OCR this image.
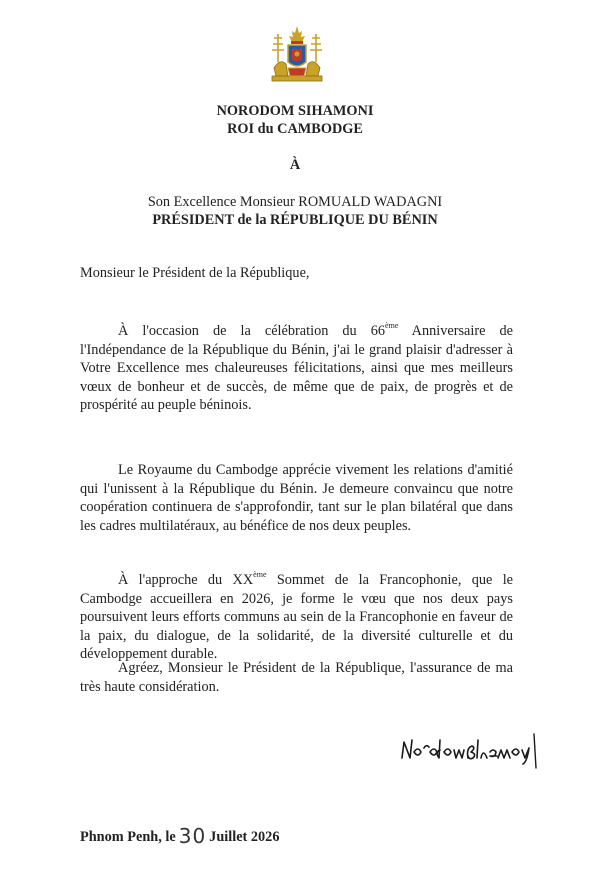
NORODOM SIHAMONI
ROI du CAMBODGE
À
Son Excellence Monsieur ROMUALD WADAGNI
PRÉSIDENT de la RÉPUBLIQUE DU BÉNIN
Monsieur le Président de la République,

À l'occasion de la célébration du 66ème Anniversaire de l'Indépendance de la République du Bénin, j'ai le grand plaisir d'adresser à Votre Excellence mes chaleureuses félicitations, ainsi que mes meilleurs vœux de bonheur et de succès, de même que de paix, de progrès et de prospérité au peuple béninois.

Le Royaume du Cambodge apprécie vivement les relations d'amitié qui l'unissent à la République du Bénin. Je demeure convaincu que notre coopération continuera de s'approfondir, tant sur le plan bilatéral que dans les cadres multilatéraux, au bénéfice de nos deux peuples.

À l'approche du XXème Sommet de la Francophonie, que le Cambodge accueillera en 2026, je forme le vœu que nos deux pays poursuivent leurs efforts communs au sein de la Francophonie en faveur de la paix, du dialogue, de la solidarité, de la diversité culturelle et du développement durable.

Agréez, Monsieur le Président de la République, l'assurance de ma très haute considération.

Phnom Penh, le 30 Juillet 2026
